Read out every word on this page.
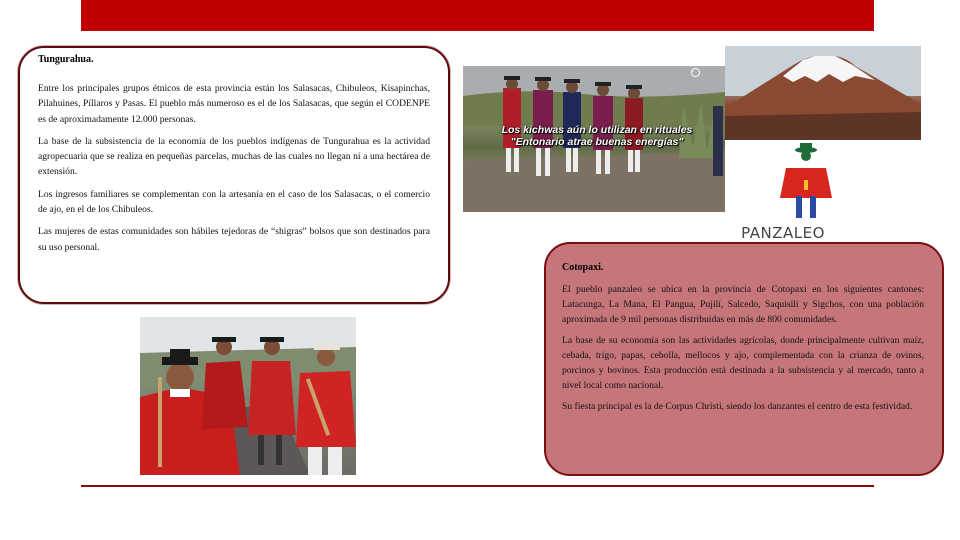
Tungurahua.

Entre los principales grupos étnicos de esta provincia están los Salasacas, Chibuleos, Kisapinchas, Pilahuines, Píllaros y Pasas. El pueblo más numeroso es el de los Salasacas, que según el CODENPE es de aproximadamente 12.000 personas.

La base de la subsistencia de la economía de los pueblos indígenas de Tungurahua es la actividad agropecuaria que se realiza en pequeñas parcelas, muchas de las cuales no llegan ni a una hectárea de extensión.

Los ingresos familiares se complementan con la artesanía en el caso de los Salasacas, o el comercio de ajo, en el de los Chibuleos.

Las mujeres de estas comunidades son hábiles tejedoras de “shigras” bolsos que son destinados para su uso personal.

Los kichwas aún lo utilizan en rituales
"Entonario atrae buenas energías"
c
PANZALEO

Cotopaxi.

El pueblo panzaleo se ubica en la provincia de Cotopaxi en los siguientes cantones: Latacunga, La Mana, El Pangua, Pujilí, Salcedo, Saquisilí y Sigchos, con una población aproximada de 9 mil personas distribuidas en más de 800 comunidades.

La base de su economía son las actividades agrícolas, donde principalmente cultivan maíz, cebada, trigo, papas, cebolla, mellocos y ajo, complementada con la crianza de ovinos, porcinos y bovinos. Esta producción está destinada a la subsistencia y al mercado, tanto a nivel local como nacional.

Su fiesta principal es la de Corpus Christi, siendo los danzantes el centro de esta festividad.
